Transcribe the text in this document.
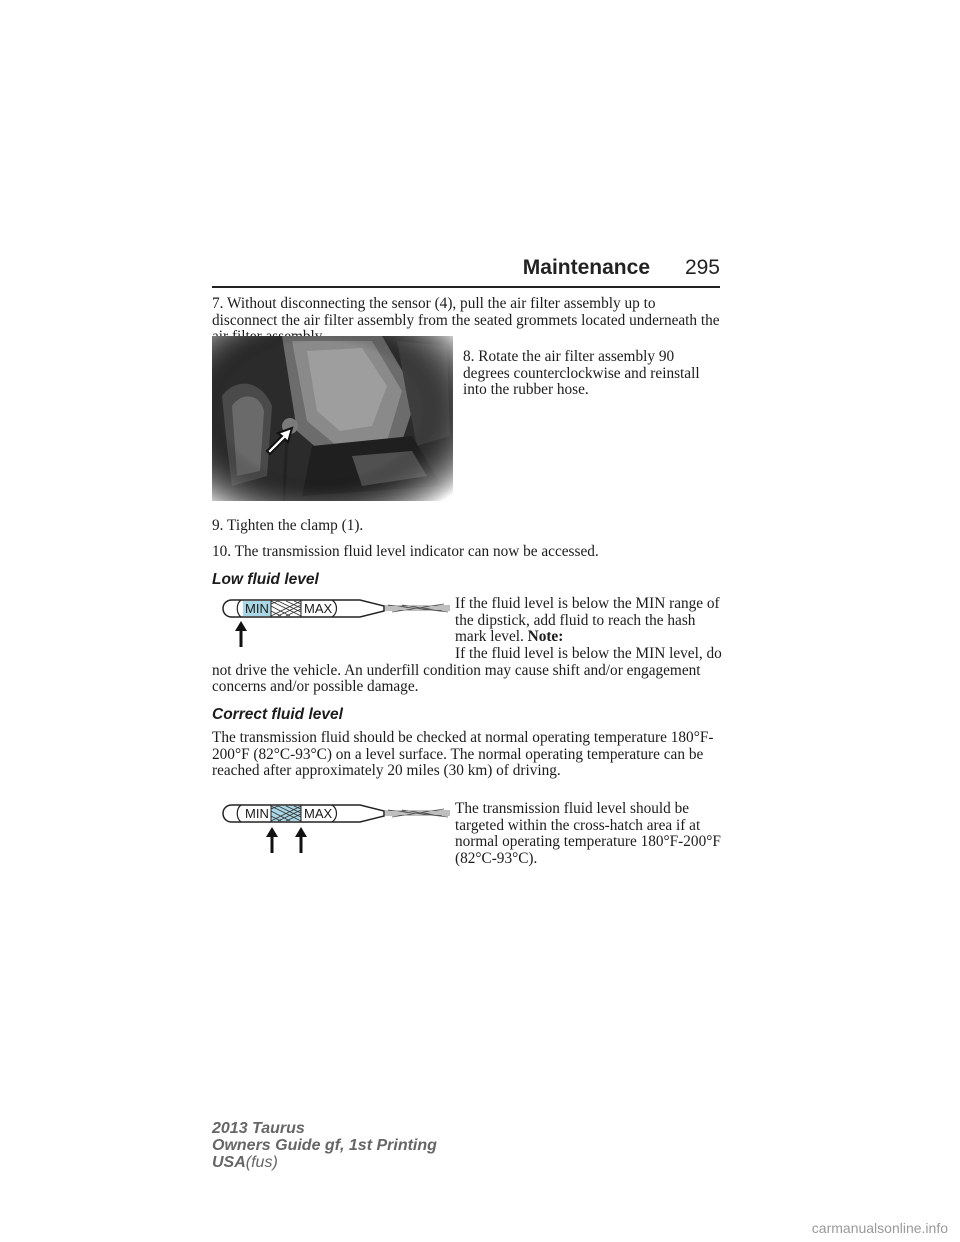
Maintenance 295

7. Without disconnecting the sensor (4), pull the air filter assembly up to disconnect the air filter assembly from the seated grommets located underneath the

8. Rotate the air filter assembly 90 degrees counterclockwise and reinstall into the rubber hose.

9. Tighten the clamp (1).

10. The transmission fluid level indicator can now be accessed.

Low fluid level
MIN	MAX	If the fluid level is below the MIN range of the dipstick, add fluid to reach the hash mark level. Note:

If the fluid level is below the MIN level, do not drive the vehicle. An underfill condition may cause shift and/or engagement concerns and/or possible damage.

Correct fluid level

The transmission fluid should be checked at normal operating temperature 180°F-200°F (82°C-93°C) on a level surface. The normal operating temperature can be reached after approximately 20 miles (30 km) of driving.

MIN	MAX	The transmission fluid level should be targeted within the cross-hatch area if at normal operating temperature 180°F-200°F (82°C-93°C).

2013 Taurus
Owners Guide gf, 1st Printing
USA(fus)
carmanualsonline.info
